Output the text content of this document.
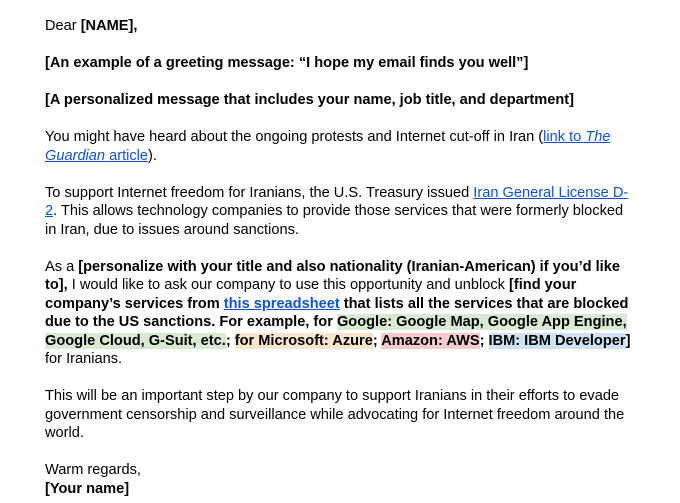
Dear [NAME],

[An example of a greeting message: “I hope my email finds you well”]

[A personalized message that includes your name, job title, and department]

You might have heard about the ongoing protests and Internet cut-off in Iran (link to The Guardian article).

To support Internet freedom for Iranians, the U.S. Treasury issued Iran General License D-2. This allows technology companies to provide those services that were formerly blocked in Iran, due to issues around sanctions.

As a [personalize with your title and also nationality (Iranian-American) if you’d like to], I would like to ask our company to use this opportunity and unblock [find your company’s services from this spreadsheet that lists all the services that are blocked due to the US sanctions. For example, for Google: Google Map, Google App Engine, Google Cloud, G-Suit, etc.; for Microsoft: Azure; Amazon: AWS; IBM: IBM Developer] for Iranians.

This will be an important step by our company to support Iranians in their efforts to evade government censorship and surveillance while advocating for Internet freedom around the world.

Warm regards,

[Your name]
